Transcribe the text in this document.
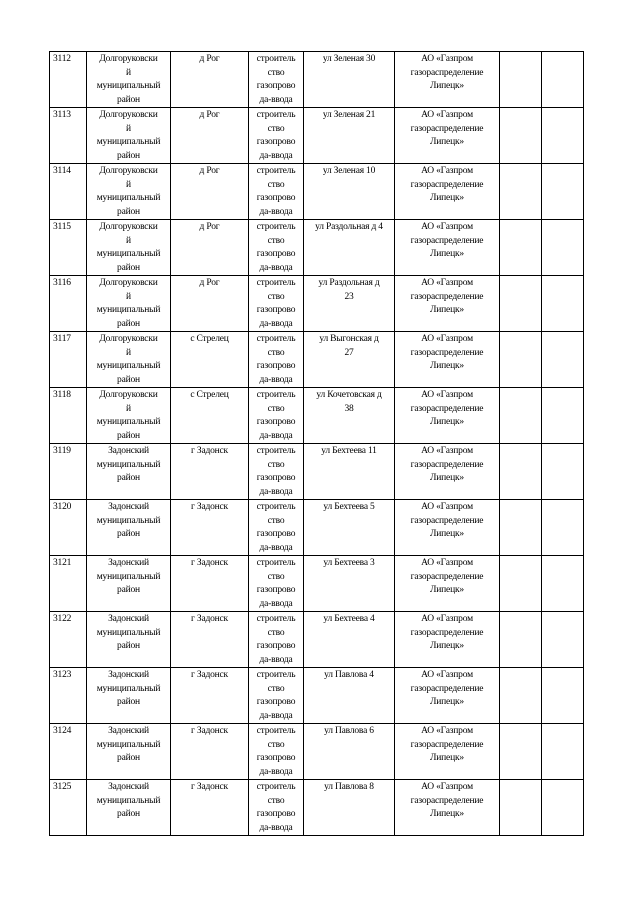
3112	Долгоруковски
й
муниципальный
район	д Рог	строитель
ство
газопрово
да-ввода	ул Зеленая 30	АО «Газпром
газораспределение
Липецк»		
3113	Долгоруковски
й
муниципальный
район	д Рог	строитель
ство
газопрово
да-ввода	ул Зеленая 21	АО «Газпром
газораспределение
Липецк»		
3114	Долгоруковски
й
муниципальный
район	д Рог	строитель
ство
газопрово
да-ввода	ул Зеленая 10	АО «Газпром
газораспределение
Липецк»		
3115	Долгоруковски
й
муниципальный
район	д Рог	строитель
ство
газопрово
да-ввода	ул Раздольная д 4	АО «Газпром
газораспределение
Липецк»		
3116	Долгоруковски
й
муниципальный
район	д Рог	строитель
ство
газопрово
да-ввода	ул Раздольная д
23	АО «Газпром
газораспределение
Липецк»		
3117	Долгоруковски
й
муниципальный
район	с Стрелец	строитель
ство
газопрово
да-ввода	ул Выгонская д
27	АО «Газпром
газораспределение
Липецк»		
3118	Долгоруковски
й
муниципальный
район	с Стрелец	строитель
ство
газопрово
да-ввода	ул Кочетовская д
38	АО «Газпром
газораспределение
Липецк»		
3119	Задонский
муниципальный
район	г Задонск	строитель
ство
газопрово
да-ввода	ул Бехтеева 11	АО «Газпром
газораспределение
Липецк»		
3120	Задонский
муниципальный
район	г Задонск	строитель
ство
газопрово
да-ввода	ул Бехтеева 5	АО «Газпром
газораспределение
Липецк»		
3121	Задонский
муниципальный
район	г Задонск	строитель
ство
газопрово
да-ввода	ул Бехтеева 3	АО «Газпром
газораспределение
Липецк»		
3122	Задонский
муниципальный
район	г Задонск	строитель
ство
газопрово
да-ввода	ул Бехтеева 4	АО «Газпром
газораспределение
Липецк»		
3123	Задонский
муниципальный
район	г Задонск	строитель
ство
газопрово
да-ввода	ул Павлова 4	АО «Газпром
газораспределение
Липецк»		
3124	Задонский
муниципальный
район	г Задонск	строитель
ство
газопрово
да-ввода	ул Павлова 6	АО «Газпром
газораспределение
Липецк»		
3125	Задонский
муниципальный
район	г Задонск	строитель
ство
газопрово
да-ввода	ул Павлова 8	АО «Газпром
газораспределение
Липецк»		
